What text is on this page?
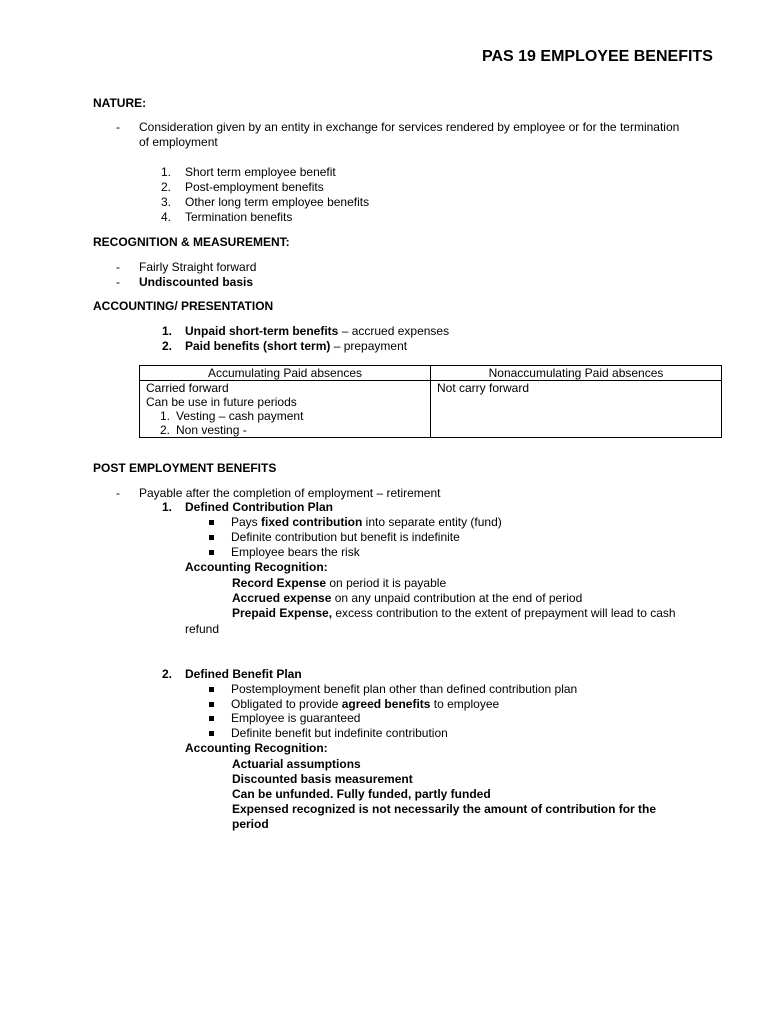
PAS 19 EMPLOYEE BENEFITS
NATURE:
- Consideration given by an entity in exchange for services rendered by employee or for the termination
of employment
1. Short term employee benefit
2. Post-employment benefits
3. Other long term employee benefits
4. Termination benefits
RECOGNITION & MEASUREMENT:
- Fairly Straight forward
- Undiscounted basis
ACCOUNTING/ PRESENTATION
1. Unpaid short-term benefits – accrued expenses
2. Paid benefits (short term) – prepayment
Accumulating Paid absences	Nonaccumulating Paid absences

Carried forward
Can be use in future periods
1. Vesting – cash payment
2. Non vesting -	Not carry forward
POST EMPLOYMENT BENEFITS
- Payable after the completion of employment – retirement
1. Defined Contribution Plan
Pays fixed contribution into separate entity (fund)
Definite contribution but benefit is indefinite
Employee bears the risk
Accounting Recognition:
Record Expense on period it is payable
Accrued expense on any unpaid contribution at the end of period
Prepaid Expense, excess contribution to the extent of prepayment will lead to cash
refund
2. Defined Benefit Plan
Postemployment benefit plan other than defined contribution plan
Obligated to provide agreed benefits to employee
Employee is guaranteed
Definite benefit but indefinite contribution
Accounting Recognition:
Actuarial assumptions
Discounted basis measurement
Can be unfunded. Fully funded, partly funded
Expensed recognized is not necessarily the amount of contribution for the
period
